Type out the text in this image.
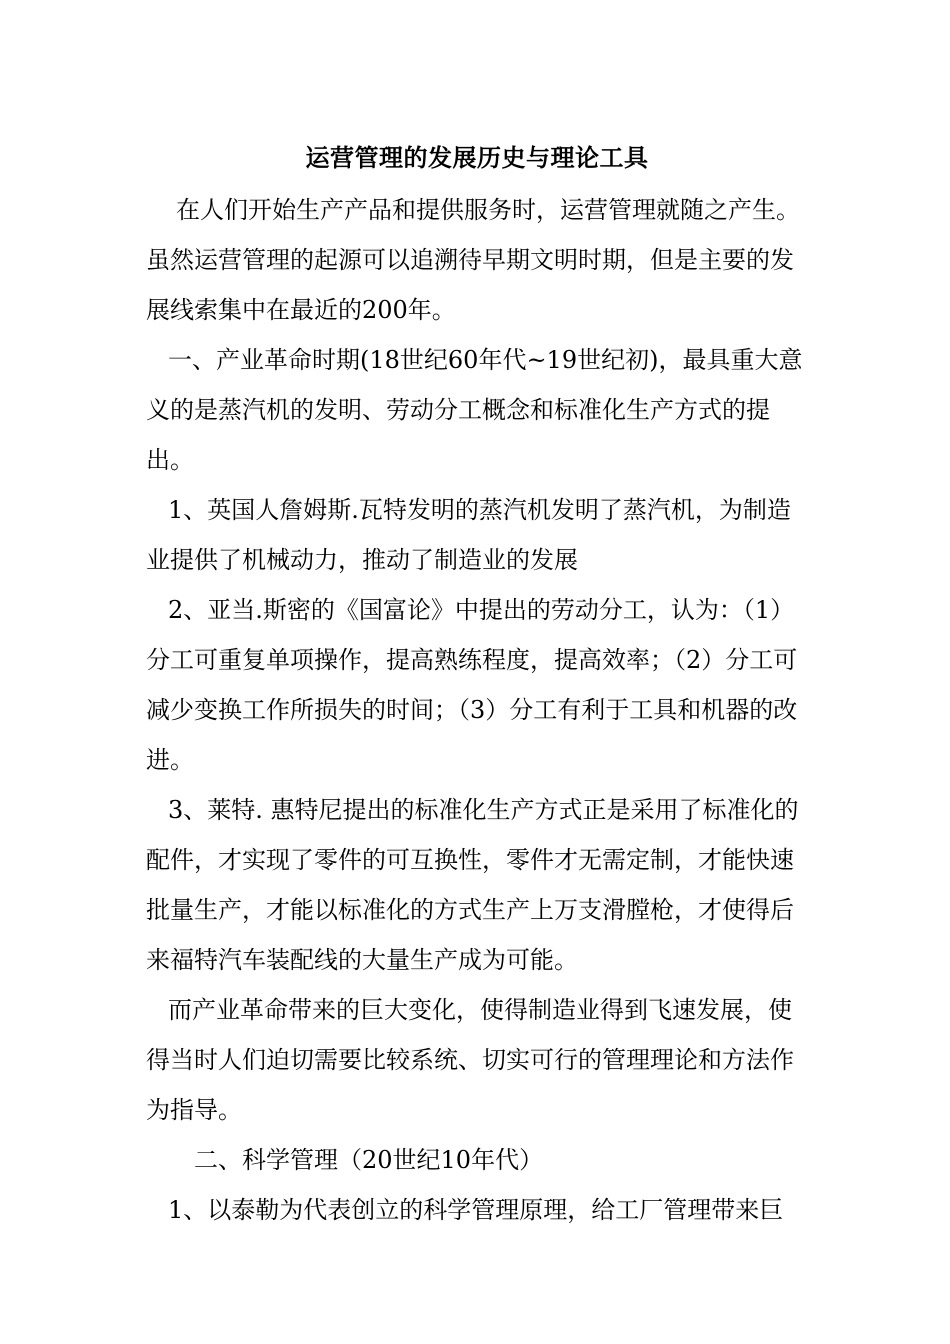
运营管理的发展历史与理论工具

在人们开始生产产品和提供服务时，运营管理就随之产生。虽然运营管理的起源可以追溯待早期文明时期，但是主要的发展线索集中在最近的200年。

一、产业革命时期(18世纪60年代~19世纪初)，最具重大意义的是蒸汽机的发明、劳动分工概念和标准化生产方式的提出。

1、英国人詹姆斯.瓦特发明的蒸汽机发明了蒸汽机，为制造业提供了机械动力，推动了制造业的发展

2、亚当.斯密的《国富论》中提出的劳动分工，认为：（1）分工可重复单项操作，提高熟练程度，提高效率；（2）分工可减少变换工作所损失的时间；（3）分工有利于工具和机器的改进。

3、莱特. 惠特尼提出的标准化生产方式正是采用了标准化的配件，才实现了零件的可互换性，零件才无需定制，才能快速批量生产，才能以标准化的方式生产上万支滑膛枪，才使得后来福特汽车装配线的大量生产成为可能。

而产业革命带来的巨大变化，使得制造业得到飞速发展，使得当时人们迫切需要比较系统、切实可行的管理理论和方法作为指导。

二、科学管理（20世纪10年代）

1、以泰勒为代表创立的科学管理原理，给工厂管理带来巨
